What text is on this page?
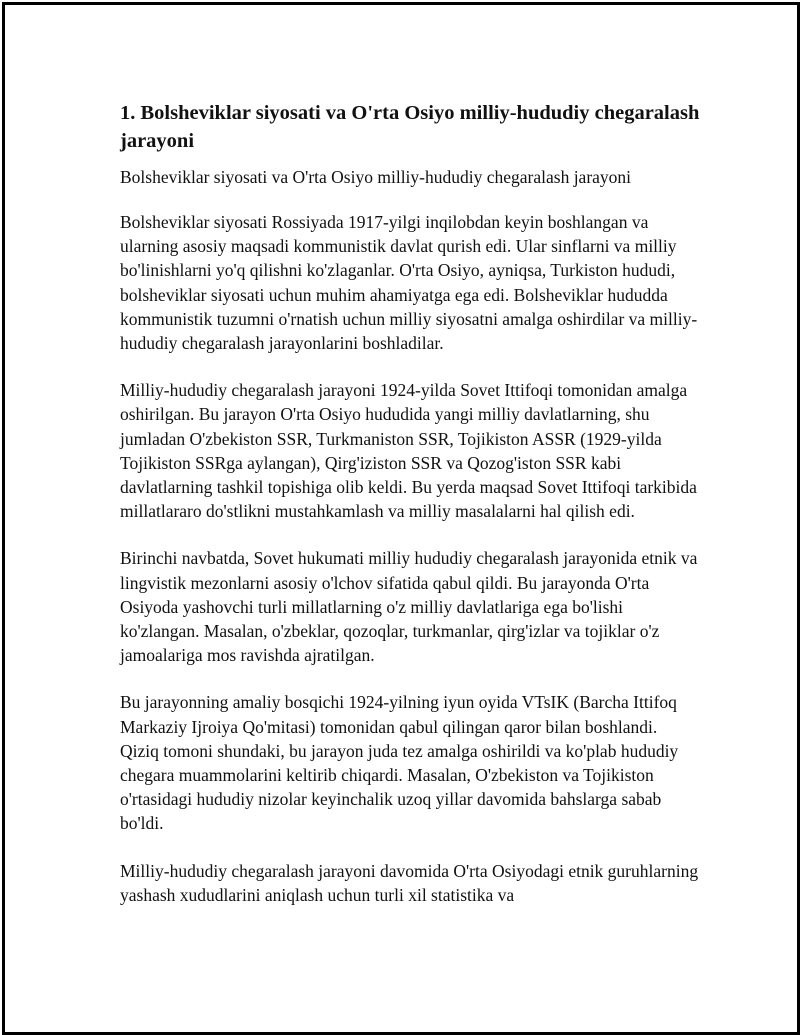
1. Bolsheviklar siyosati va O'rta Osiyo milliy-hududiy chegaralash jarayoni

Bolsheviklar siyosati va O'rta Osiyo milliy-hududiy chegaralash jarayoni

Bolsheviklar siyosati Rossiyada 1917-yilgi inqilobdan keyin boshlangan va ularning asosiy maqsadi kommunistik davlat qurish edi. Ular sinflarni va milliy bo'linishlarni yo'q qilishni ko'zlaganlar. O'rta Osiyo, ayniqsa, Turkiston hududi, bolsheviklar siyosati uchun muhim ahamiyatga ega edi. Bolsheviklar hududda kommunistik tuzumni o'rnatish uchun milliy siyosatni amalga oshirdilar va milliy-hududiy chegaralash jarayonlarini boshladilar.

Milliy-hududiy chegaralash jarayoni 1924-yilda Sovet Ittifoqi tomonidan amalga oshirilgan. Bu jarayon O'rta Osiyo hududida yangi milliy davlatlarning, shu jumladan O'zbekiston SSR, Turkmaniston SSR, Tojikiston ASSR (1929-yilda Tojikiston SSRga aylangan), Qirg'iziston SSR va Qozog'iston SSR kabi davlatlarning tashkil topishiga olib keldi. Bu yerda maqsad Sovet Ittifoqi tarkibida millatlararo do'stlikni mustahkamlash va milliy masalalarni hal qilish edi.

Birinchi navbatda, Sovet hukumati milliy hududiy chegaralash jarayonida etnik va lingvistik mezonlarni asosiy o'lchov sifatida qabul qildi. Bu jarayonda O'rta Osiyoda yashovchi turli millatlarning o'z milliy davlatlariga ega bo'lishi ko'zlangan. Masalan, o'zbeklar, qozoqlar, turkmanlar, qirg'izlar va tojiklar o'z jamoalariga mos ravishda ajratilgan.

Bu jarayonning amaliy bosqichi 1924-yilning iyun oyida VTsIK (Barcha Ittifoq Markaziy Ijroiya Qo'mitasi) tomonidan qabul qilingan qaror bilan boshlandi. Qiziq tomoni shundaki, bu jarayon juda tez amalga oshirildi va ko'plab hududiy chegara muammolarini keltirib chiqardi. Masalan, O'zbekiston va Tojikiston o'rtasidagi hududiy nizolar keyinchalik uzoq yillar davomida bahslarga sabab bo'ldi.

Milliy-hududiy chegaralash jarayoni davomida O'rta Osiyodagi etnik guruhlarning yashash xududlarini aniqlash uchun turli xil statistika va
